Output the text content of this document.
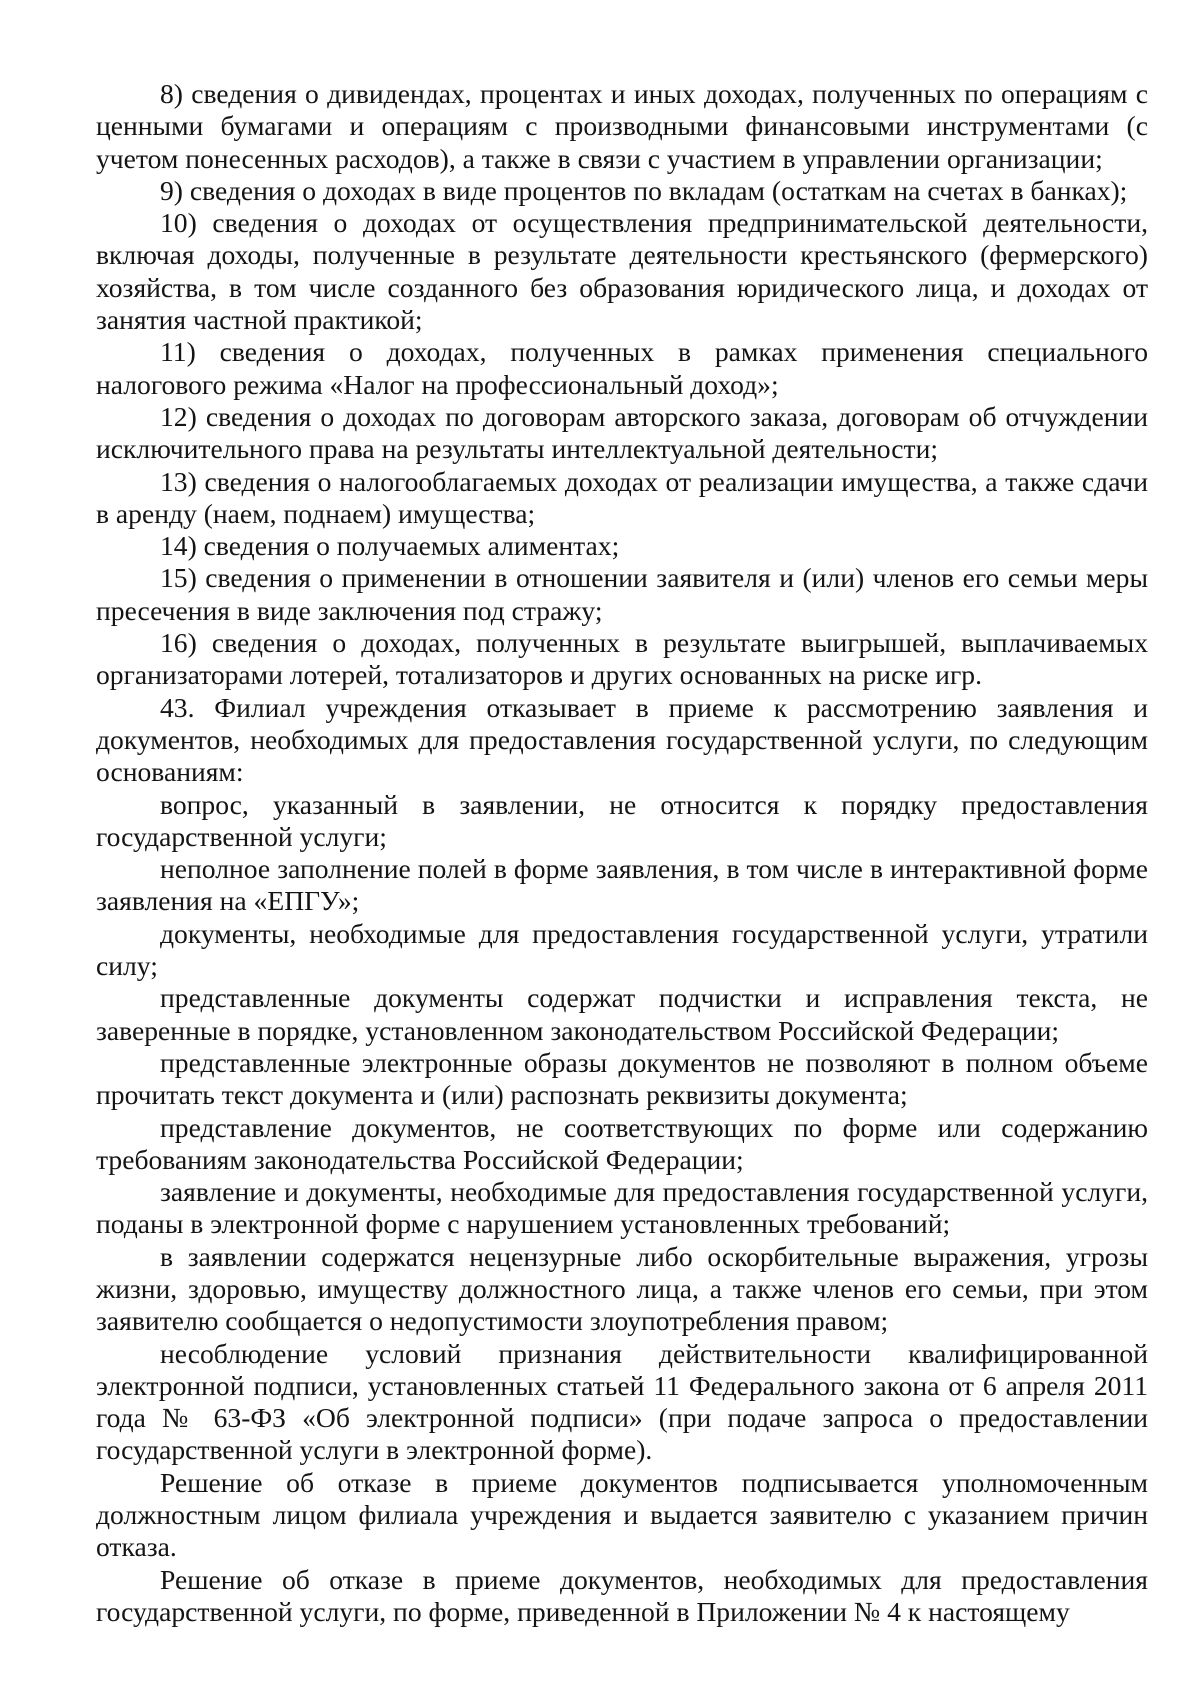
8) сведения о дивидендах, процентах и иных доходах, полученных по операциям с ценными бумагами и операциям с производными финансовыми инструментами (с учетом понесенных расходов), а также в связи с участием в управлении организации;

9) сведения о доходах в виде процентов по вкладам (остаткам на счетах в банках);

10) сведения о доходах от осуществления предпринимательской деятельности, включая доходы, полученные в результате деятельности крестьянского (фермерского) хозяйства, в том числе созданного без образования юридического лица, и доходах от занятия частной практикой;

11) сведения о доходах, полученных в рамках применения специального налогового режима «Налог на профессиональный доход»;

12) сведения о доходах по договорам авторского заказа, договорам об отчуждении исключительного права на результаты интеллектуальной деятельности;

13) сведения о налогооблагаемых доходах от реализации имущества, а также сдачи в аренду (наем, поднаем) имущества;

14) сведения о получаемых алиментах;

15) сведения о применении в отношении заявителя и (или) членов его семьи меры пресечения в виде заключения под стражу;

16) сведения о доходах, полученных в результате выигрышей, выплачиваемых организаторами лотерей, тотализаторов и других основанных на риске игр.

43. Филиал учреждения отказывает в приеме к рассмотрению заявления и документов, необходимых для предоставления государственной услуги, по следующим основаниям:

вопрос, указанный в заявлении, не относится к порядку предоставления государственной услуги;

неполное заполнение полей в форме заявления, в том числе в интерактивной форме заявления на «ЕПГУ»;

документы, необходимые для предоставления государственной услуги, утратили силу;

представленные документы содержат подчистки и исправления текста, не заверенные в порядке, установленном законодательством Российской Федерации;

представленные электронные образы документов не позволяют в полном объеме прочитать текст документа и (или) распознать реквизиты документа;

представление документов, не соответствующих по форме или содержанию требованиям законодательства Российской Федерации;

заявление и документы, необходимые для предоставления государственной услуги, поданы в электронной форме с нарушением установленных требований;

в заявлении содержатся нецензурные либо оскорбительные выражения, угрозы жизни, здоровью, имуществу должностного лица, а также членов его семьи, при этом заявителю сообщается о недопустимости злоупотребления правом;

несоблюдение условий признания действительности квалифицированной электронной подписи, установленных статьей 11 Федерального закона от 6 апреля 2011 года № 63-ФЗ «Об электронной подписи» (при подаче запроса о предоставлении государственной услуги в электронной форме).

Решение об отказе в приеме документов подписывается уполномоченным должностным лицом филиала учреждения и выдается заявителю с указанием причин отказа.

Решение об отказе в приеме документов, необходимых для предоставления государственной услуги, по форме, приведенной в Приложении № 4 к настоящему
